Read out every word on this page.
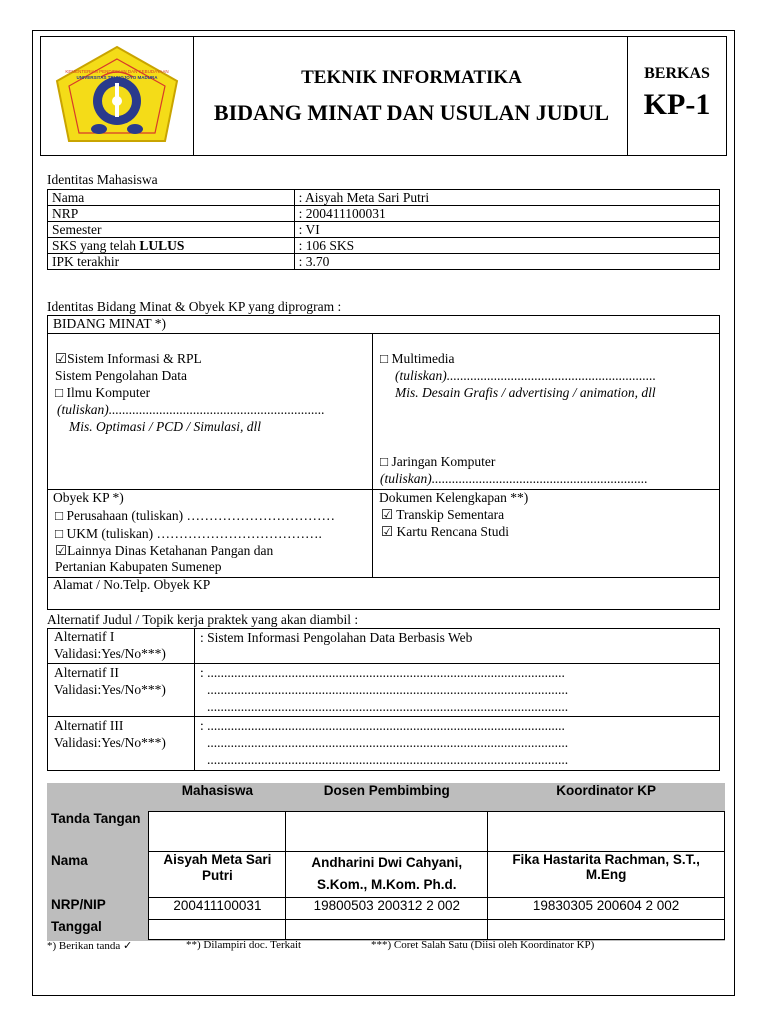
KEMENTERIAN PENDIDIKAN DAN KEBUDAYAAN
UNIVERSITAS TRUNOJOYO MADURA	TEKNIK INFORMATIKA
BIDANG MINAT DAN USULAN JUDUL
BERKAS
KP-1
Identitas Mahasiswa
Nama	: Aisyah Meta Sari Putri
NRP	: 200411100031
Semester	: VI
SKS yang telah LULUS	: 106 SKS
IPK terakhir	: 3.70
Identitas Bidang Minat & Obyek KP yang diprogram :
BIDANG MINAT *)
☑Sistem Informasi & RPL
Sistem Pengolahan Data
□ Ilmu Komputer
(tuliskan)................................................................
Mis. Optimasi / PCD / Simulasi, dll
□ Multimedia
(tuliskan)..............................................................
Mis. Desain Grafis / advertising / animation, dll
□ Jaringan Komputer
(tuliskan)................................................................
Obyek KP *)
□ Perusahaan (tuliskan) ……………………………
□ UKM (tuliskan) ……………………………….
☑Lainnya Dinas Ketahanan Pangan dan
Pertanian Kabupaten Sumenep
Dokumen Kelengkapan **)
☑ Transkip Sementara
☑ Kartu Rencana Studi
Alamat / No.Telp. Obyek KP
Alternatif Judul / Topik kerja praktek yang akan diambil :
Alternatif I
Validasi:Yes/No***)
: Sistem Informasi Pengolahan Data Berbasis Web
Alternatif II
Validasi:Yes/No***)
: ..........................................................................................................
...........................................................................................................
...........................................................................................................
Alternatif III
Validasi:Yes/No***)
: ..........................................................................................................
...........................................................................................................
...........................................................................................................
	Mahasiswa	Dosen Pembimbing	Koordinator KP
Tanda Tangan			
Nama	Aisyah Meta Sari Putri	Andharini Dwi Cahyani, S.Kom., M.Kom. Ph.d.	Fika Hastarita Rachman, S.T., M.Eng
NRP/NIP	200411100031	19800503 200312 2 002	19830305 200604 2 002
Tanggal			
*) Berikan tanda ✓	**) Dilampiri doc. Terkait	***) Coret Salah Satu (Diisi oleh Koordinator KP)
